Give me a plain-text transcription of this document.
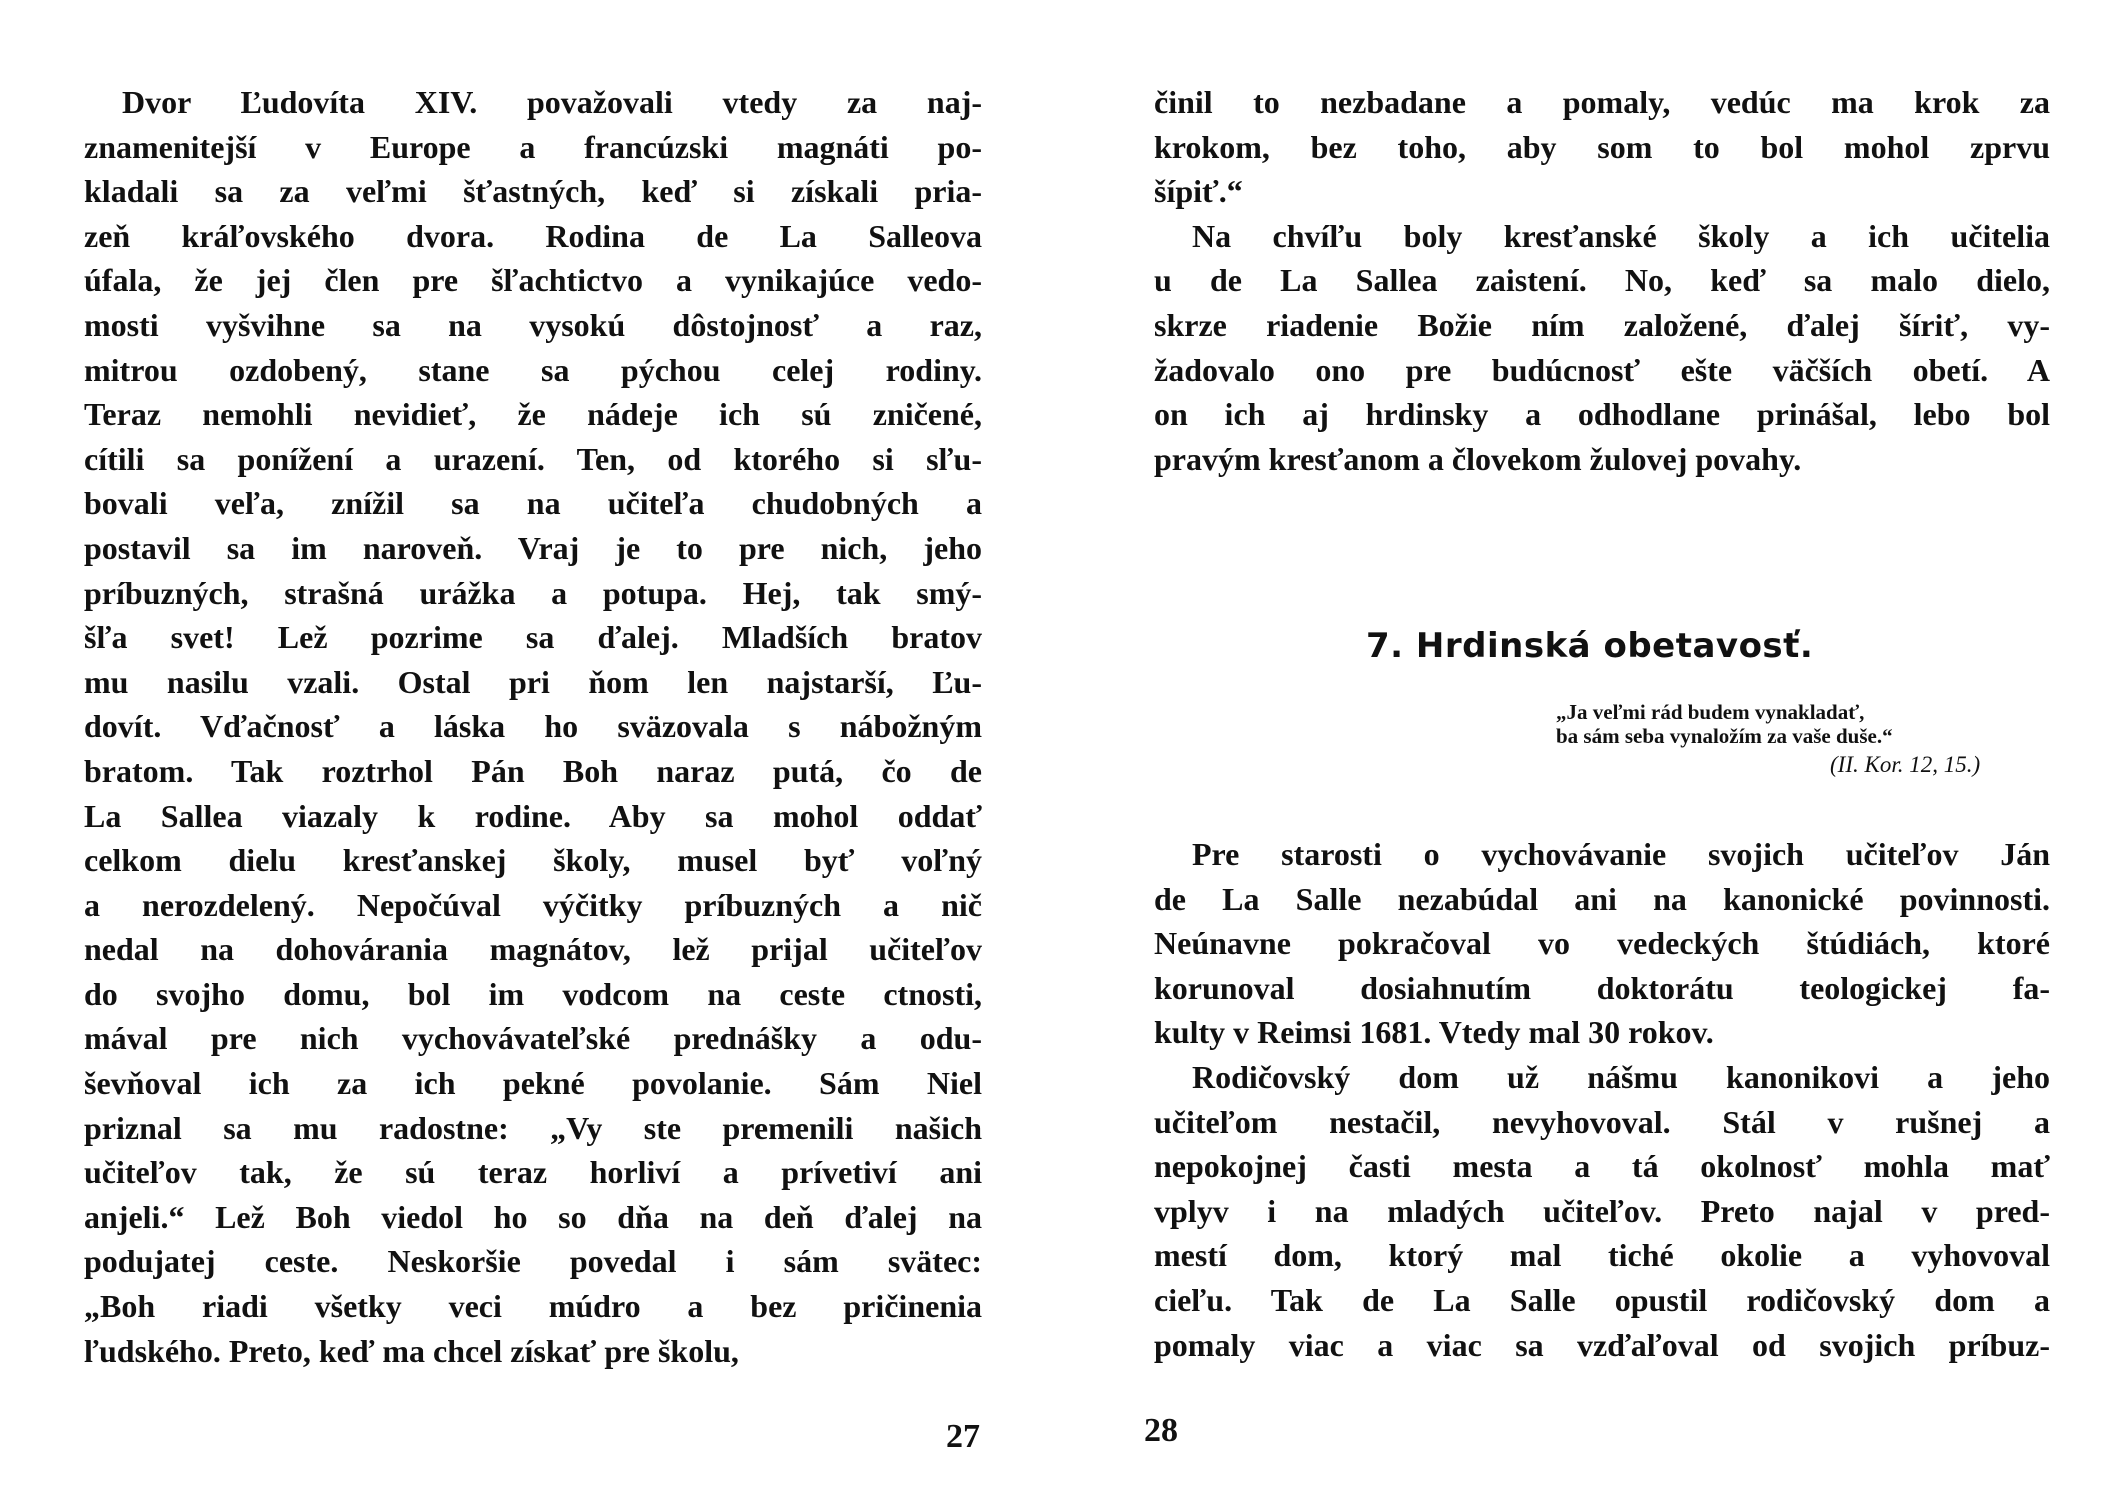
Dvor Ľudovíta XIV. považovali vtedy za naj-
znamenitejší v Europe a francúzski magnáti po-
kladali sa za veľmi šťastných, keď si získali pria-
zeň kráľovského dvora. Rodina de La Salleova
úfala, že jej člen pre šľachtictvo a vynikajúce vedo-
mosti vyšvihne sa na vysokú dôstojnosť a raz,
mitrou ozdobený, stane sa pýchou celej rodiny.
Teraz nemohli nevidieť, že nádeje ich sú zničené,
cítili sa ponížení a urazení. Ten, od ktorého si sľu-
bovali veľa, znížil sa na učiteľa chudobných a
postavil sa im naroveň. Vraj je to pre nich, jeho
príbuzných, strašná urážka a potupa. Hej, tak smý-
šľa svet! Lež pozrime sa ďalej. Mladších bratov
mu nasilu vzali. Ostal pri ňom len najstarší, Ľu-
dovít. Vďačnosť a láska ho sväzovala s nábožným
bratom. Tak roztrhol Pán Boh naraz putá, čo de
La Sallea viazaly k rodine. Aby sa mohol oddať
celkom dielu kresťanskej školy, musel byť voľný
a nerozdelený. Nepočúval výčitky príbuzných a nič
nedal na dohovárania magnátov, lež prijal učiteľov
do svojho domu, bol im vodcom na ceste ctnosti,
mával pre nich vychovávateľské prednášky a odu-
ševňoval ich za ich pekné povolanie. Sám Niel
priznal sa mu radostne: „Vy ste premenili našich
učiteľov tak, že sú teraz horliví a prívetiví ani
anjeli.“ Lež Boh viedol ho so dňa na deň ďalej na
podujatej ceste. Neskoršie povedal i sám svätec:
„Boh riadi všetky veci múdro a bez pričinenia
ľudského. Preto, keď ma chcel získať pre školu,
27
činil to nezbadane a pomaly, vedúc ma krok za
krokom, bez toho, aby som to bol mohol zprvu
šípiť.“
Na chvíľu boly kresťanské školy a ich učitelia
u de La Sallea zaistení. No, keď sa malo dielo,
skrze riadenie Božie ním založené, ďalej šíriť, vy-
žadovalo ono pre budúcnosť ešte väčších obetí. A
on ich aj hrdinsky a odhodlane prinášal, lebo bol
pravým kresťanom a človekom žulovej povahy.
7. Hrdinská obetavosť.
„Ja veľmi rád budem vynakladať,
ba sám seba vynaložím za vaše duše.“
(II. Kor. 12, 15.)
Pre starosti o vychovávanie svojich učiteľov Ján
de La Salle nezabúdal ani na kanonické povinnosti.
Neúnavne pokračoval vo vedeckých štúdiách, ktoré
korunoval dosiahnutím doktorátu teologickej fa-
kulty v Reimsi 1681. Vtedy mal 30 rokov.
Rodičovský dom už nášmu kanonikovi a jeho
učiteľom nestačil, nevyhovoval. Stál v rušnej a
nepokojnej časti mesta a tá okolnosť mohla mať
vplyv i na mladých učiteľov. Preto najal v pred-
mestí dom, ktorý mal tiché okolie a vyhovoval
cieľu. Tak de La Salle opustil rodičovský dom a
pomaly viac a viac sa vzďaľoval od svojich príbuz-
28
